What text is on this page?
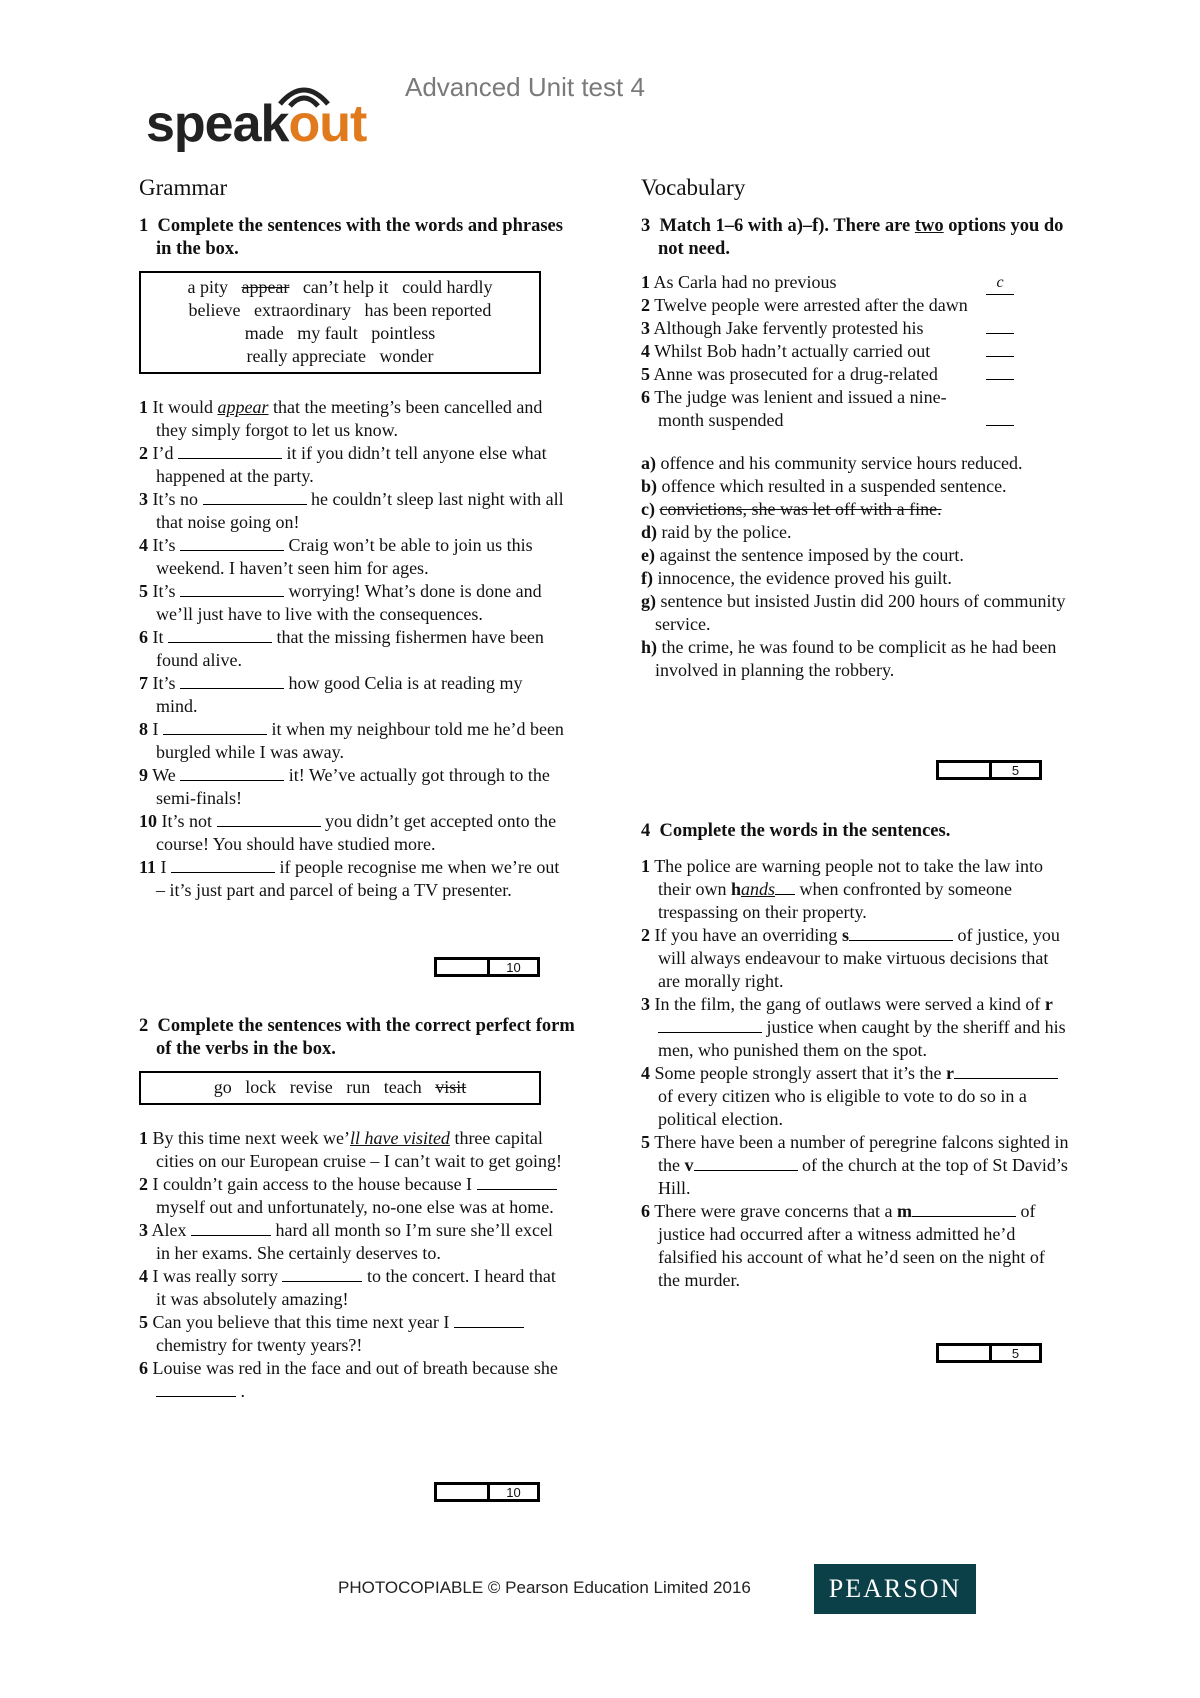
speakout
Advanced Unit test 4
Grammar
1 Complete the sentences with the words and phrases in the box.
a pity appear can’t help it could hardly
believe extraordinary has been reported
made my fault pointless
really appreciate wonder
1 It would appear that the meeting’s been cancelled and they simply forgot to let us know.
2 I’d	it if you didn’t tell anyone else what happened at the party.
3 It’s no	he couldn’t sleep last night with all that noise going on!
4 It’s	Craig won’t be able to join us this weekend. I haven’t seen him for ages.
5 It’s	worrying! What’s done is done and we’ll just have to live with the consequences.
6 It	that the missing fishermen have been found alive.
7 It’s	how good Celia is at reading my mind.
8 I	it when my neighbour told me he’d been burgled while I was away.
9 We	it! We’ve actually got through to the semi-finals!
10 It’s not	you didn’t get accepted onto the course! You should have studied more.
11 I	if people recognise me when we’re out – it’s just part and parcel of being a TV presenter.
10
2 Complete the sentences with the correct perfect form of the verbs in the box.
go lock revise run teach visit
1 By this time next week we’ll have visited three capital cities on our European cruise – I can’t wait to get going!
2 I couldn’t gain access to the house because I  myself out and unfortunately, no-one else was at home.
3 Alex	hard all month so I’m sure she’ll excel in her exams. She certainly deserves to.
4 I was really sorry	to the concert. I heard that it was absolutely amazing!
5 Can you believe that this time next year I  chemistry for twenty years?!
6 Louise was red in the face and out of breath because she  .
10
Vocabulary
3 Match 1–6 with a)–f). There are two options you do not need.
1 As Carla had no previous	c
2 Twelve people were arrested after the dawn
3 Although Jake fervently protested his
4 Whilst Bob hadn’t actually carried out
5 Anne was prosecuted for a drug-related
6 The judge was lenient and issued a nine-month suspended
a) offence and his community service hours reduced.
b) offence which resulted in a suspended sentence.
c) convictions, she was let off with a fine.
d) raid by the police.
e) against the sentence imposed by the court.
f) innocence, the evidence proved his guilt.
g) sentence but insisted Justin did 200 hours of community service.
h) the crime, he was found to be complicit as he had been involved in planning the robbery.
5
4 Complete the words in the sentences.
1 The police are warning people not to take the law into their own hands when confronted by someone trespassing on their property.
2 If you have an overriding s	of justice, you will always endeavour to make virtuous decisions that are morally right.
3 In the film, the gang of outlaws were served a kind of r justice when caught by the sheriff and his men, who punished them on the spot.
4 Some people strongly assert that it’s the r of every citizen who is eligible to vote to do so in a political election.
5 There have been a number of peregrine falcons sighted in the v	of the church at the top of St David’s Hill.
6 There were grave concerns that a m	of justice had occurred after a witness admitted he’d falsified his account of what he’d seen on the night of the murder.
5
PHOTOCOPIABLE © Pearson Education Limited 2016	PEARSON
